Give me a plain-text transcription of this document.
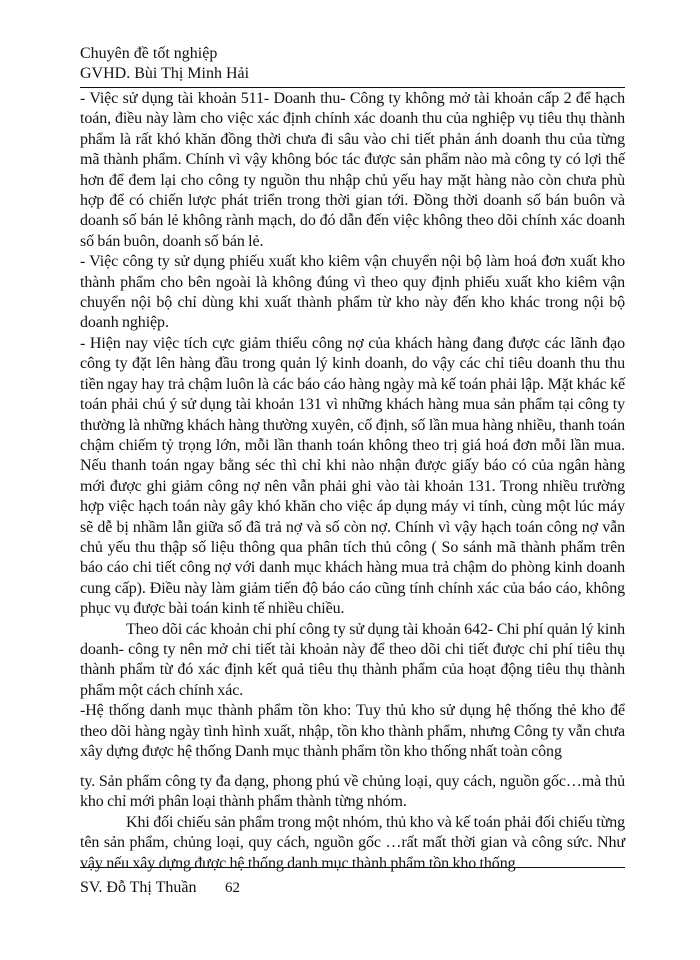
Chuyên đề tốt nghiệp
GVHD. Bùi Thị Minh Hải

- Việc sử dụng tài khoản 511- Doanh thu- Công ty không mở tài khoản cấp 2 để hạch toán, điều này làm cho việc xác định chính xác doanh thu của nghiệp vụ tiêu thụ thành phẩm là rất khó khăn đồng thời chưa đi sâu vào chi tiết phản ánh doanh thu của từng mã thành phẩm. Chính vì vậy không bóc tác được sản phẩm nào mà công ty có lợi thế hơn để đem lại cho công ty nguồn thu nhập chủ yếu hay mặt hàng nào còn chưa phù hợp để có chiến lược phát triển trong thời gian tới. Đồng thời doanh số bán buôn và doanh số bán lẻ không rành mạch, do đó dẫn đến việc không theo dõi chính xác doanh số bán buôn, doanh số bán lẻ.

- Việc công ty sử dụng phiếu xuất kho kiêm vận chuyển nội bộ làm hoá đơn xuất kho thành phẩm cho bên ngoài là không đúng vì theo quy định phiếu xuất kho kiêm vận chuyển nội bộ chỉ dùng khi xuất thành phẩm từ kho này đến kho khác trong nội bộ doanh nghiệp.

- Hiện nay việc tích cực giảm thiểu công nợ của khách hàng đang được các lãnh đạo công ty đặt lên hàng đầu trong quản lý kinh doanh, do vậy các chỉ tiêu doanh thu thu tiền ngay hay trả chậm luôn là các báo cáo hàng ngày mà kế toán phải lập. Mặt khác kế toán phải chú ý sử dụng tài khoản 131 vì những khách hàng mua sản phẩm tại công ty thường là những khách hàng thường xuyên, cố định, số lần mua hàng nhiều, thanh toán chậm chiếm tỷ trọng lớn, mỗi lần thanh toán không theo trị giá hoá đơn mỗi lần mua. Nếu thanh toán ngay bằng séc thì chỉ khi nào nhận được giấy báo có của ngân hàng mới được ghi giảm công nợ nên vẫn phải ghi vào tài khoản 131. Trong nhiều trường hợp việc hạch toán này gây khó khăn cho việc áp dụng máy vi tính, cùng một lúc máy sẽ dễ bị nhầm lẫn giữa số đã trả nợ và số còn nợ. Chính vì vậy hạch toán công nợ vẫn chủ yếu thu thập số liệu thông qua phân tích thủ công ( So sánh mã thành phẩm trên báo cáo chi tiết công nợ với danh mục khách hàng mua trả chậm do phòng kinh doanh cung cấp). Điều này làm giảm tiến độ báo cáo cũng tính chính xác của báo cáo, không phục vụ được bài toán kinh tế nhiều chiều.

Theo dõi các khoản chi phí công ty sử dụng tài khoản 642- Chi phí quản lý kinh doanh- công ty nên mở chi tiết tài khoản này để theo dõi chi tiết được chi phí tiêu thụ thành phẩm từ đó xác định kết quả tiêu thụ thành phẩm của hoạt động tiêu thụ thành phẩm một cách chính xác.

-Hệ thống danh mục thành phẩm tồn kho: Tuy thủ kho sử dụng hệ thống thẻ kho để theo dõi hàng ngày tình hình xuất, nhập, tồn kho thành phẩm, nhưng Công ty vẫn chưa xây dựng được hệ thống Danh mục thành phẩm tồn kho thống nhất toàn công

ty. Sản phẩm công ty đa dạng, phong phú về chủng loại, quy cách, nguồn gốc…mà thủ kho chỉ mới phân loại thành phẩm thành từng nhóm.

Khi đối chiếu sản phẩm trong một nhóm, thủ kho và kế toán phải đối chiếu từng tên sản phẩm, chủng loại, quy cách, nguồn gốc …rất mất thời gian và công sức. Như vậy nếu xây dựng được hệ thống danh mục thành phẩm tồn kho thống

SV. Đỗ Thị Thuần 62
